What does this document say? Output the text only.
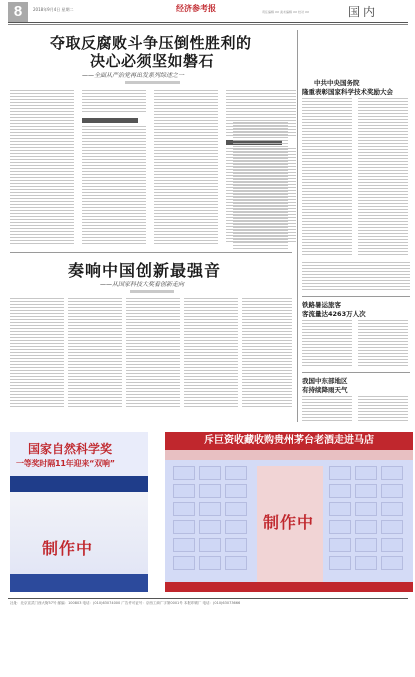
8	2018年9月4日 星期二	经济参考报	责任编辑 XX 美术编辑 XX 校对 XX	国内
夺取反腐败斗争压倒性胜利的
决心必须坚如磐石
——全面从严治党再出发系列综述之一
奏响中国创新最强音
——从国家科技大奖看创新走向
国家自然科学奖
一等奖时隔11年迎来“双响”
制作中
斥巨资收藏收购贵州茅台老酒走进马店
制作中
中共中央国务院
隆重表彰国家科学技术奖励大会
铁路暑运旅客
客流量达4263万人次
我国中东部地区
有持续降雨天气
社址：北京宣武门西大街57号 邮编：100803 电话：(010)63074000 广告许可证号：京西工商广字第0001号 本报印刷厂 电话：(010)63073666
